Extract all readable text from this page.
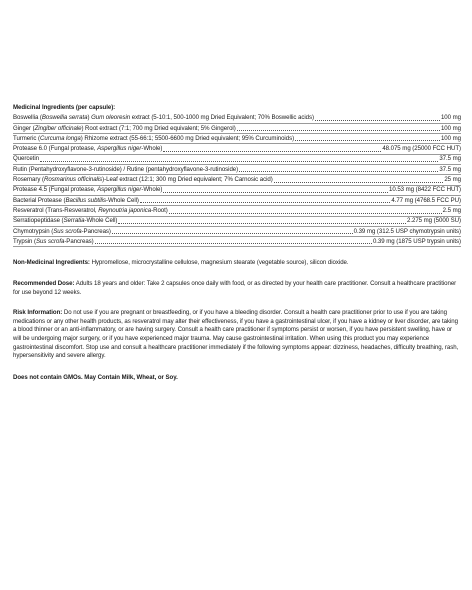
Medicinal Ingredients (per capsule):
Boswellia (Boswellia serrata) Gum oleoresin extract (5-10:1, 500-1000 mg Dried Equivalent; 70% Boswellic acids)	100 mg
Ginger (Zingiber officinale) Root extract (7:1; 700 mg Dried equivalent; 5% Gingerol)	100 mg
Turmeric (Curcuma longa) Rhizome extract (55-66:1; 5500-6600 mg Dried equivalent; 95% Curcuminoids)	100 mg
Protease 6.0 (Fungal protease, Aspergillus niger-Whole)	48.075 mg (25000 FCC HUT)
Quercetin	37.5 mg
Rutin (Pentahydroxyflavone-3-rutinoside) / Rutine (pentahydroxyflavone-3-rutinoside)	37.5 mg
Rosemary (Rosmarinus officinalis)-Leaf extract (12:1; 300 mg Dried equivalent; 7% Carnosic acid)	25 mg
Protease 4.5 (Fungal protease, Aspergillus niger-Whole)	10.53 mg (8422 FCC HUT)
Bacterial Protease (Bacillus subtilis-Whole Cell)	4.77 mg (4768.5 FCC PU)
Resveratrol (Trans-Resveratrol, Reynoutria japonica-Root)	2.5 mg
Serratiopeptidase (Serratia-Whole Cell)	2.275 mg (5000 SU)
Chymotrypsin (Sus scrofa-Pancreas)	0.39 mg (312.5 USP chymotrypsin units)
Trypsin (Sus scrofa-Pancreas)	0.39 mg (1875 USP trypsin units)
Non-Medicinal Ingredients: Hypromellose, microcrystalline cellulose, magnesium stearate (vegetable source), silicon dioxide.
Recommended Dose: Adults 18 years and older: Take 2 capsules once daily with food, or as directed by your health care practitioner. Consult a healthcare practitioner for use beyond 12 weeks.
Risk Information: Do not use if you are pregnant or breastfeeding, or if you have a bleeding disorder. Consult a health care practitioner prior to use if you are taking medications or any other health products, as resveratrol may alter their effectiveness, if you have a gastrointestinal ulcer, if you have a kidney or liver disorder, are taking a blood thinner or an anti-inflammatory, or are having surgery. Consult a health care practitioner if symptoms persist or worsen, if you have persistent swelling, have or will be undergoing major surgery, or if you have experienced major trauma. May cause gastrointestinal irritation. When using this product you may experience gastrointestinal discomfort. Stop use and consult a healthcare practitioner immediately if the following symptoms appear: dizziness, headaches, difficulty breathing, rash, hypersensitivity and severe allergy.
Does not contain GMOs. May Contain Milk, Wheat, or Soy.
